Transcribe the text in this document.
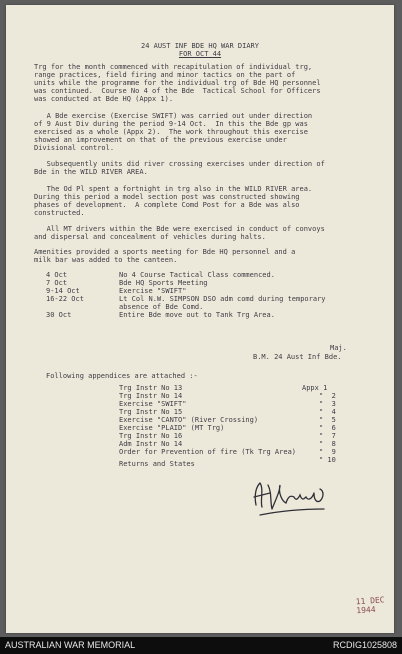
24 AUST INF BDE HQ WAR DIARY
FOR OCT 44
Trg for the month commenced with recapitulation of individual trg,
range practices, field firing and minor tactics on the part of
units while the programme for the individual trg of Bde HQ personnel
was continued.  Course No 4 of the Bde  Tactical School for Officers
was conducted at Bde HQ (Appx 1).
A Bde exercise (Exercise SWIFT) was carried out under direction
of 9 Aust Div during the period 9-14 Oct.  In this the Bde gp was
exercised as a whole (Appx 2).  The work throughout this exercise
showed an improvement on that of the previous exercise under
Divisional control.
Subsequently units did river crossing exercises under direction of
Bde in the WILD RIVER AREA.
The Od Pl spent a fortnight in trg also in the WILD RIVER area.
During this period a model section post was constructed showing
phases of development.  A complete Comd Post for a Bde was also
constructed.
All MT drivers within the Bde were exercised in conduct of convoys
and dispersal and concealment of vehicles during halts.
Amenities provided a sports meeting for Bde HQ personnel and a
milk bar was added to the canteen.
4 Oct	No 4 Course Tactical Class commenced.
7 Oct	Bde HQ Sports Meeting
9-14 Oct	Exercise "SWIFT"
16-22 Oct	Lt Col N.W. SIMPSON DSO adm comd during temporary
absence of Bde Comd.
30 Oct	Entire Bde move out to Tank Trg Area.
Maj.
B.M. 24 Aust Inf Bde.
Following appendices are attached :-
Trg Instr No 13	Appx 1
Trg Instr No 14	"  2
Exercise "SWIFT"	"  3
Trg Instr No 15	"  4
Exercise "CANTO" (River Crossing)	"  5
Exercise "PLAID" (MT Trg)	"  6
Trg Instr No 16	"  7
Adm Instr No 14	"  8
Order for Prevention of fire (Tk Trg Area)	"  9
Returns and States	" 10
11 DEC 1944
AUSTRALIAN WAR MEMORIAL	RCDIG1025808
